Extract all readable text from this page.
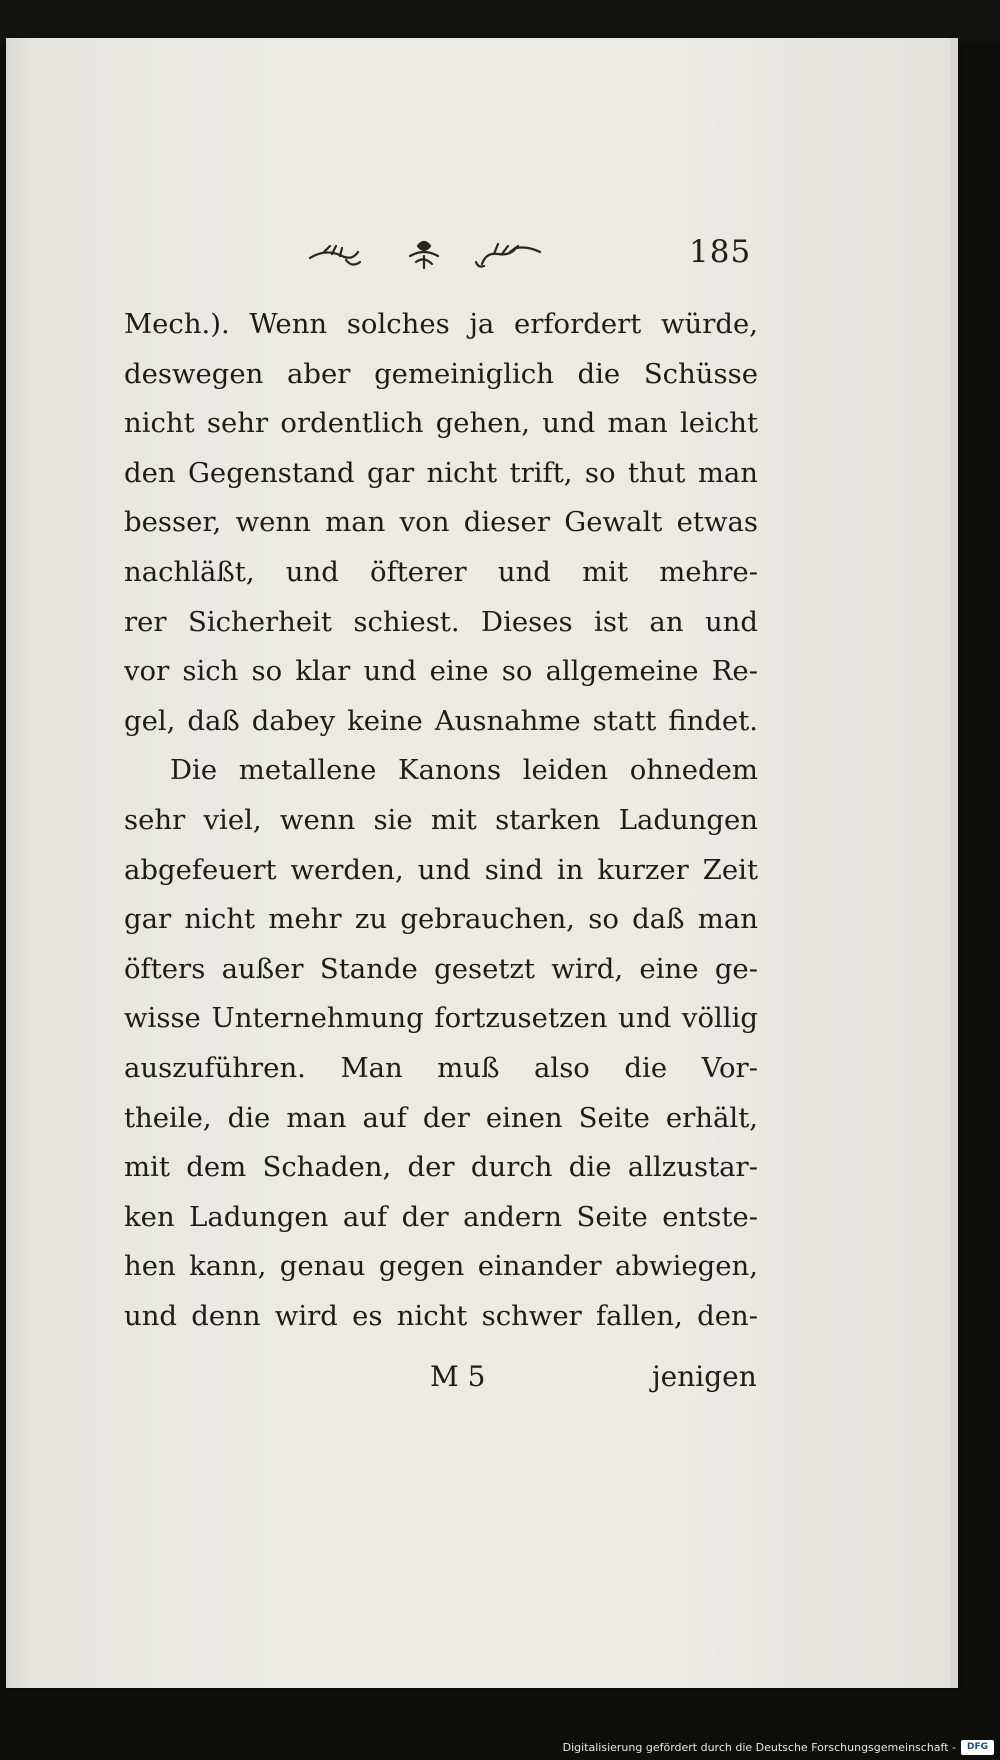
185
Mech.). Wenn solches ja erfordert würde,
deswegen aber gemeiniglich die Schüsse
nicht sehr ordentlich gehen, und man leicht
den Gegenstand gar nicht trift, so thut man
besser, wenn man von dieser Gewalt etwas
nachläßt, und öfterer und mit mehre-
rer Sicherheit schiest. Dieses ist an und
vor sich so klar und eine so allgemeine Re-
gel, daß dabey keine Ausnahme statt findet.
Die metallene Kanons leiden ohnedem
sehr viel, wenn sie mit starken Ladungen
abgefeuert werden, und sind in kurzer Zeit
gar nicht mehr zu gebrauchen, so daß man
öfters außer Stande gesetzt wird, eine ge-
wisse Unternehmung fortzusetzen und völlig
auszuführen. Man muß also die Vor-
theile, die man auf der einen Seite erhält,
mit dem Schaden, der durch die allzustar-
ken Ladungen auf der andern Seite entste-
hen kann, genau gegen einander abwiegen,
und denn wird es nicht schwer fallen, den-
M 5	jenigen
Digitalisierung gefördert durch die Deutsche Forschungsgemeinschaft -	DFG
